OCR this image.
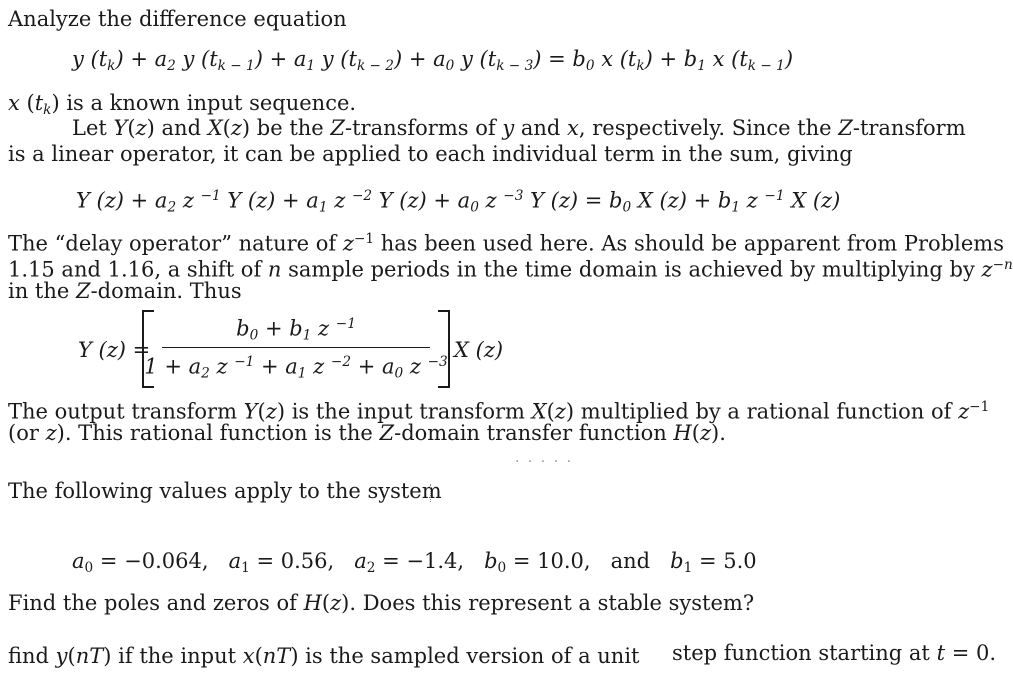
Analyze the difference equation
y $(t_k) + a_2$ y $(t_{k - 1}) + a_1$ y $(t_{k - 2}) + a_0$ y $(t_{k - 3}) = b_0$ x $(t_k) + b_1$ x $(t_{k - 1})$
x $(t_k)$ is a known input sequence.
Let Y(z) and X(z) be the Z-transforms of y and x, respectively. Since the Z-transform
is a linear operator, it can be applied to each individual term in the sum, giving
Y $(z) + a_2$ z $^{-1}$ Y $(z) + a_1$ z $^{-2}$ Y $(z) + a_0$ z $^{-3}$ Y $(z) = b_0$ X $(z) + b_1$ z $^{-1}$ X (z)
The “delay operator” nature of $z^{-1}$ has been used here. As should be apparent from Problems
1.15 and 1.16, a shift of n sample periods in the time domain is achieved by multiplying by $z^{-n}$
in the Z-domain. Thus
Y (z) =
$b_0 + b_1$ z $^{-1}$
$1 + a_2$ z $^{-1} + a_1$ z $^{-2} + a_0$ z $^{-3}$ X (z)
The output transform Y(z) is the input transform X(z) multiplied by a rational function of $z^{-1}$
(or z). This rational function is the Z-domain transfer function H(z).
. . . . .
The following values apply to the system
$a_0 = -0.064$,   $a_1 = 0.56$,   $a_2 = -1.4$,   $b_0 = 10.0$,   and   $b_1 = 5.0$
Find the poles and zeros of H(z). Does this represent a stable system?
find y(nT) if the input x(nT) is the sampled version of a unit step function starting at t = 0.
